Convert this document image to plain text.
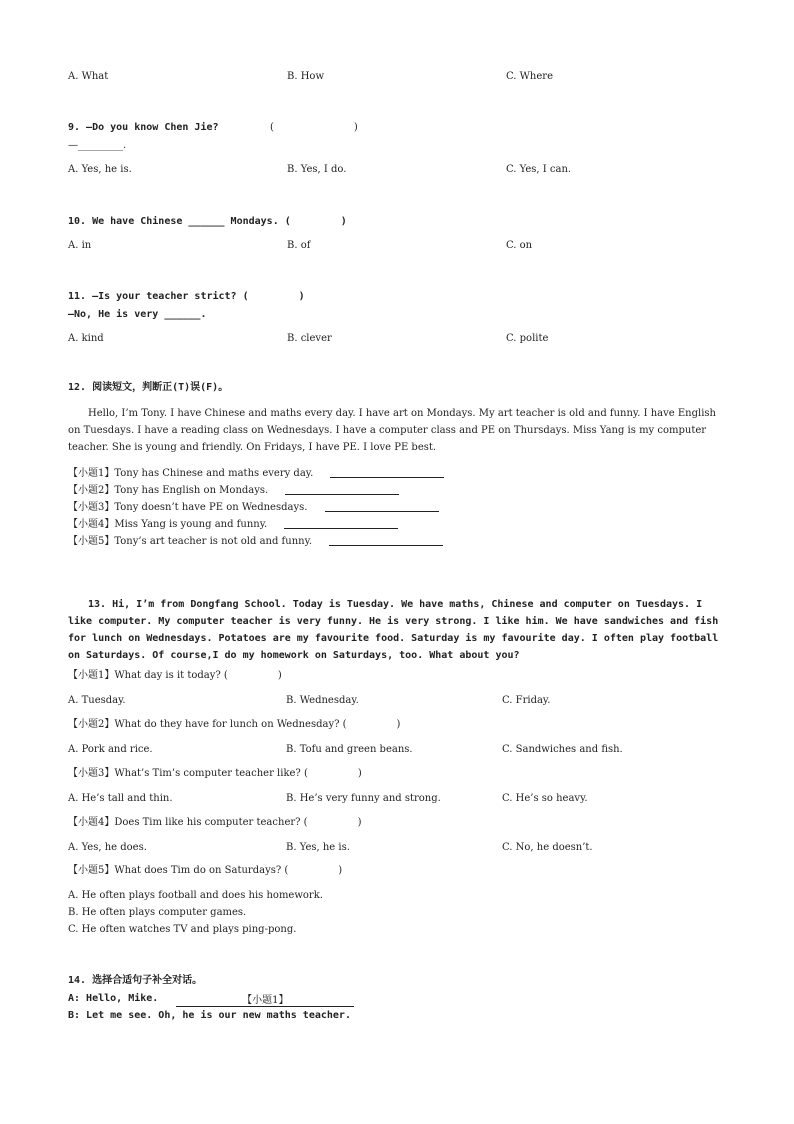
A. What	B. How	C. Where
9. —Do you know Chen Jie?	(　　　　　　　　)
—_________.
A. Yes, he is.	B. Yes, I do.	C. Yes, I can.
10. We have Chinese ______ Mondays. (　　　　　)
A. in	B. of	C. on
11. —Is your teacher strict? (　　　　　)
—No, He is very ______.
A. kind	B. clever	C. polite
12. 阅读短文，判断正(T)误(F)。
Hello, I’m Tony. I have Chinese and maths every day. I have art on Mondays. My art teacher is old and funny. I have English on Tuesdays. I have a reading class on Wednesdays. I have a computer class and PE on Thursdays. Miss Yang is my computer teacher. She is young and friendly. On Fridays, I have PE. I love PE best.
【小题1】Tony has Chinese and maths every day.
【小题2】Tony has English on Mondays.
【小题3】Tony doesn’t have PE on Wednesdays.
【小题4】Miss Yang is young and funny.
【小题5】Tony’s art teacher is not old and funny.
13. Hi, I’m from Dongfang School. Today is Tuesday. We have maths, Chinese and computer on Tuesdays. I like computer. My computer teacher is very funny. He is very strong. I like him. We have sandwiches and fish for lunch on Wednesdays. Potatoes are my favourite food. Saturday is my favourite day. I often play football on Saturdays. Of course,I do my homework on Saturdays, too. What about you?
【小题1】What day is it today? (　　　　　)
A. Tuesday.	B. Wednesday.	C. Friday.
【小题2】What do they have for lunch on Wednesday? (　　　　　)
A. Pork and rice.	B. Tofu and green beans.	C. Sandwiches and fish.
【小题3】What’s Tim’s computer teacher like? (　　　　　)
A. He’s tall and thin.	B. He’s very funny and strong.	C. He’s so heavy.
【小题4】Does Tim like his computer teacher? (　　　　　)
A. Yes, he does.	B. Yes, he is.	C. No, he doesn’t.
【小题5】What does Tim do on Saturdays? (　　　　　)
A. He often plays football and does his homework.
B. He often plays computer games.
C. He often watches TV and plays ping-pong.
14. 选择合适句子补全对话。
A: Hello, Mike.	【小题1】
B: Let me see. Oh, he is our new maths teacher.
